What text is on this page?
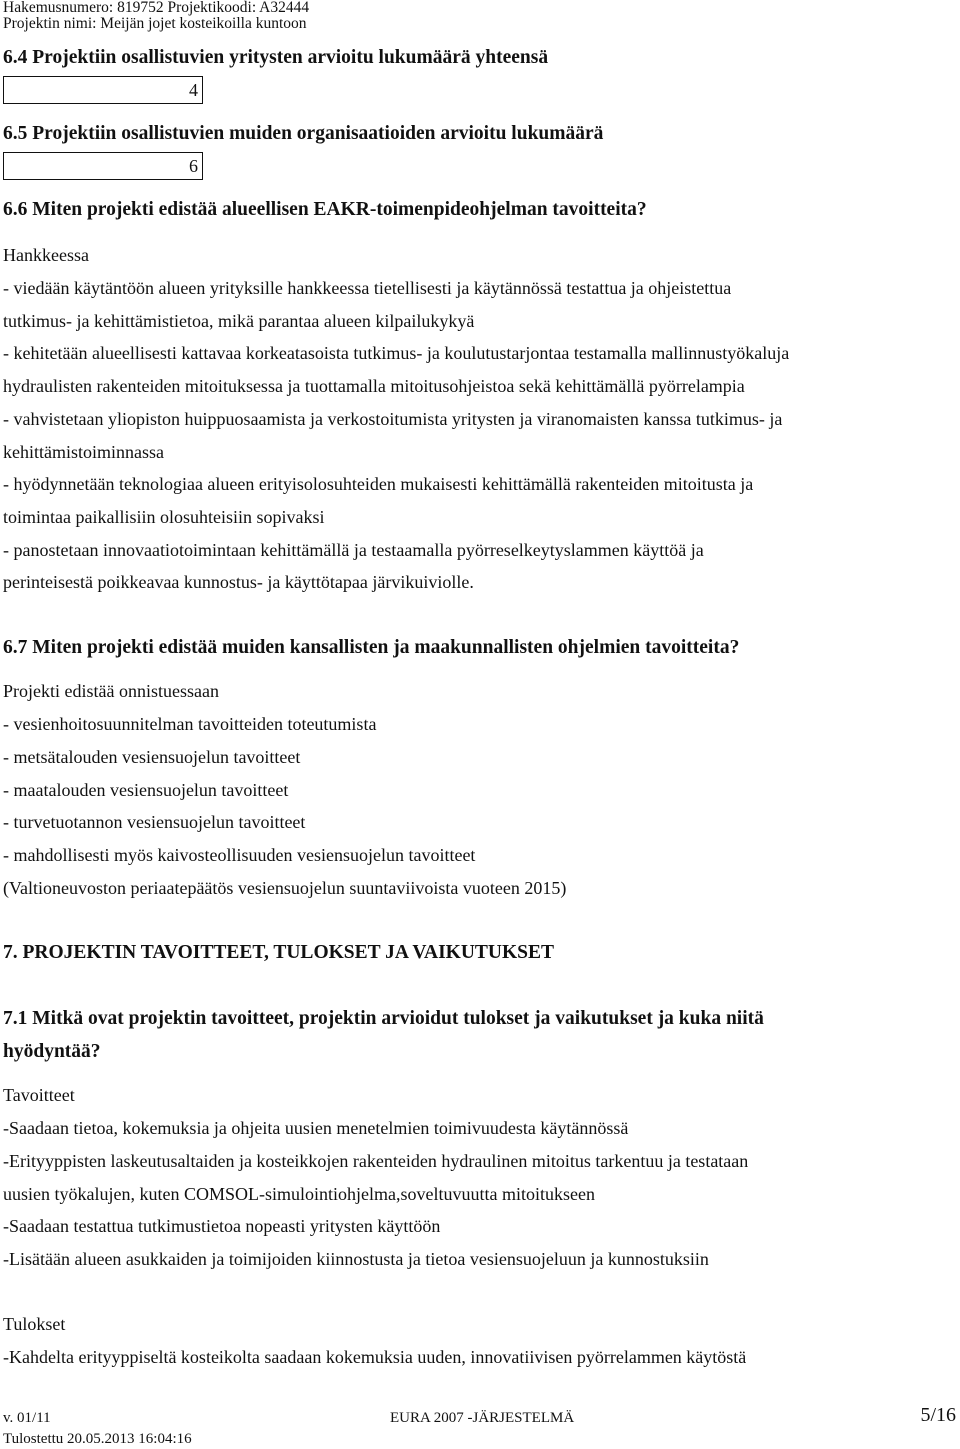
Hakemusnumero: 819752 Projektikoodi: A32444

Projektin nimi: Meijän jojet kosteikoilla kuntoon

6.4 Projektiin osallistuvien yritysten arvioitu lukumäärä yhteensä

4

6.5 Projektiin osallistuvien muiden organisaatioiden arvioitu lukumäärä

6

6.6 Miten projekti edistää alueellisen EAKR-toimenpideohjelman tavoitteita?

Hankkeessa

- viedään käytäntöön alueen yrityksille hankkeessa tietellisesti ja käytännössä testattua ja ohjeistettua

tutkimus- ja kehittämistietoa, mikä parantaa alueen kilpailukykyä

- kehitetään alueellisesti kattavaa korkeatasoista tutkimus- ja koulutustarjontaa testamalla mallinnustyökaluja

hydraulisten rakenteiden mitoituksessa ja tuottamalla mitoitusohjeistoa sekä kehittämällä pyörrelampia

- vahvistetaan yliopiston huippuosaamista ja verkostoitumista yritysten ja viranomaisten kanssa tutkimus- ja

kehittämistoiminnassa

- hyödynnetään teknologiaa alueen erityisolosuhteiden mukaisesti kehittämällä rakenteiden mitoitusta ja

toimintaa paikallisiin olosuhteisiin sopivaksi

- panostetaan innovaatiotoimintaan kehittämällä ja testaamalla pyörreselkeytyslammen käyttöä ja

perinteisestä poikkeavaa kunnostus- ja käyttötapaa järvikuiviolle.

6.7 Miten projekti edistää muiden kansallisten ja maakunnallisten ohjelmien tavoitteita?

Projekti edistää onnistuessaan

- vesienhoitosuunnitelman tavoitteiden toteutumista

- metsätalouden vesiensuojelun tavoitteet

- maatalouden vesiensuojelun tavoitteet

- turvetuotannon vesiensuojelun tavoitteet

- mahdollisesti myös kaivosteollisuuden vesiensuojelun tavoitteet

(Valtioneuvoston periaatepäätös vesiensuojelun suuntaviivoista vuoteen 2015)

7. PROJEKTIN TAVOITTEET, TULOKSET JA VAIKUTUKSET

7.1 Mitkä ovat projektin tavoitteet, projektin arvioidut tulokset ja vaikutukset ja kuka niitä

hyödyntää?

Tavoitteet

-Saadaan tietoa, kokemuksia ja ohjeita uusien menetelmien toimivuudesta käytännössä

-Erityyppisten laskeutusaltaiden ja kosteikkojen rakenteiden hydraulinen mitoitus tarkentuu ja testataan

uusien työkalujen, kuten COMSOL-simulointiohjelma,soveltuvuutta mitoitukseen

-Saadaan testattua tutkimustietoa nopeasti yritysten käyttöön

-Lisätään alueen asukkaiden ja toimijoiden kiinnostusta ja tietoa vesiensuojeluun ja kunnostuksiin

Tulokset

-Kahdelta erityyppiseltä kosteikolta saadaan kokemuksia uuden, innovatiivisen pyörrelammen käytöstä

v. 01/11	EURA 2007 -JÄRJESTELMÄ	5/16

Tulostettu 20.05.2013 16:04:16
